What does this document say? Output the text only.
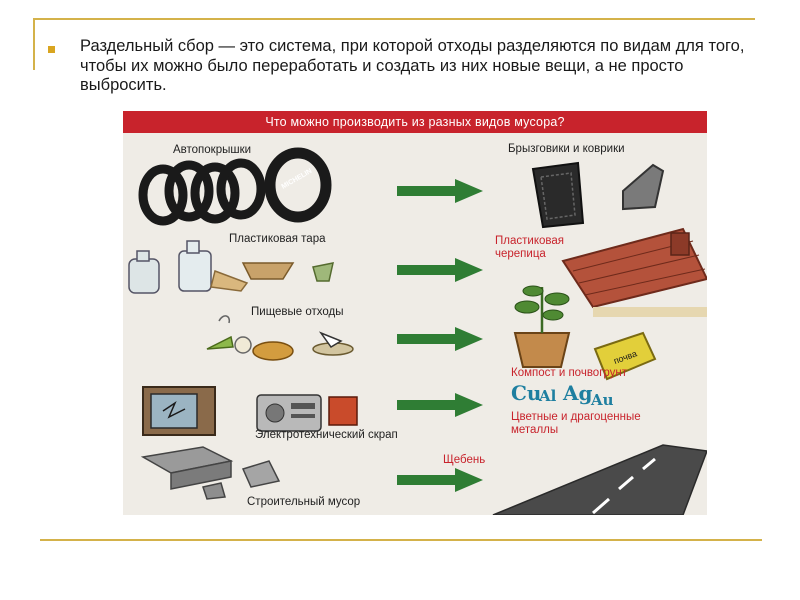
Раздельный сбор — это система, при которой отходы разделяются по видам для того, чтобы их можно было переработать и создать из них новые вещи, а не просто выбросить.
Что можно производить из разных видов мусора?
MICHELIN
почва
Автопокрышки	Брызговики и коврики
Пластиковая тара	Пластиковая
черепица
Пищевые отходы
Компост и почвогрунт
Cu
Al Ag
Au
Цветные и драгоценные
металлы
Электротехнический скрап
Строительный мусор
Щебень
